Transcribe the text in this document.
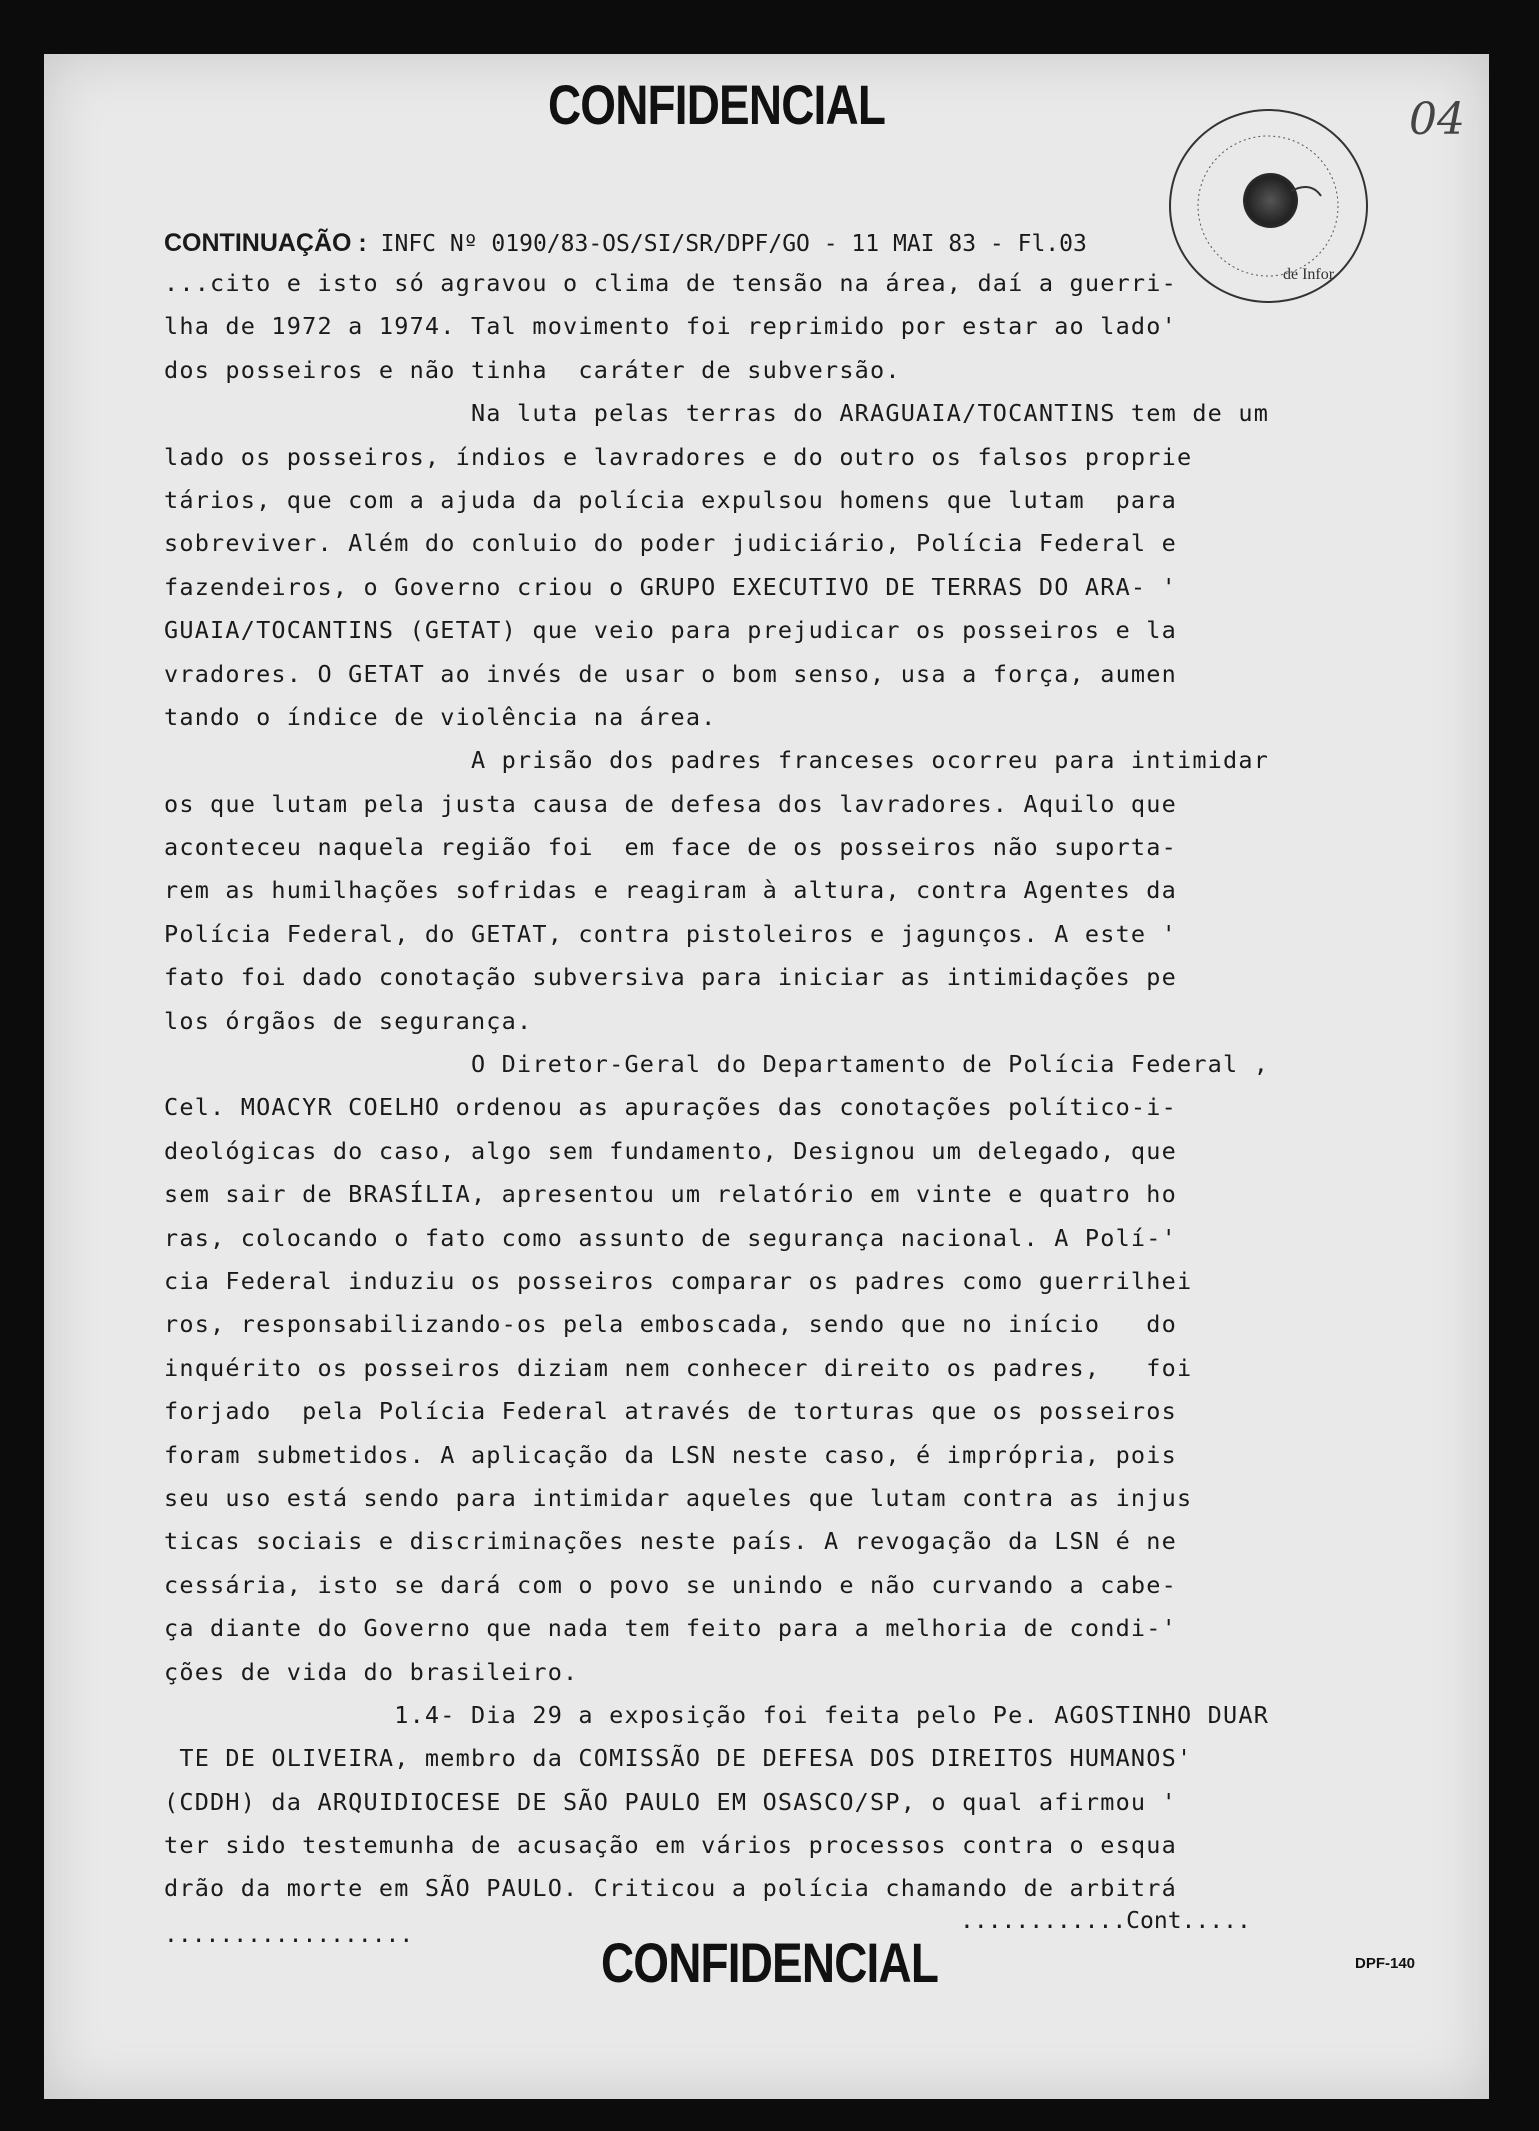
CONFIDENCIAL	04
de Infor
CONTINUAÇÃO : INFC Nº 0190/83-OS/SI/SR/DPF/GO - 11 MAI 83 - Fl.03
...cito e isto só agravou o clima de tensão na área, daí a guerri-
lha de 1972 a 1974. Tal movimento foi reprimido por estar ao lado'
dos posseiros e não tinha  caráter de subversão.
Na luta pelas terras do ARAGUAIA/TOCANTINS tem de um
lado os posseiros, índios e lavradores e do outro os falsos proprie
tários, que com a ajuda da polícia expulsou homens que lutam  para
sobreviver. Além do conluio do poder judiciário, Polícia Federal e
fazendeiros, o Governo criou o GRUPO EXECUTIVO DE TERRAS DO ARA- '
GUAIA/TOCANTINS (GETAT) que veio para prejudicar os posseiros e la
vradores. O GETAT ao invés de usar o bom senso, usa a força, aumen
tando o índice de violência na área.
A prisão dos padres franceses ocorreu para intimidar
os que lutam pela justa causa de defesa dos lavradores. Aquilo que
aconteceu naquela região foi  em face de os posseiros não suporta-
rem as humilhações sofridas e reagiram à altura, contra Agentes da
Polícia Federal, do GETAT, contra pistoleiros e jagunços. A este '
fato foi dado conotação subversiva para iniciar as intimidações pe
los órgãos de segurança.
O Diretor-Geral do Departamento de Polícia Federal ,
Cel. MOACYR COELHO ordenou as apurações das conotações político-i-
deológicas do caso, algo sem fundamento, Designou um delegado, que
sem sair de BRASÍLIA, apresentou um relatório em vinte e quatro ho
ras, colocando o fato como assunto de segurança nacional. A Polí-'
cia Federal induziu os posseiros comparar os padres como guerrilhei
ros, responsabilizando-os pela emboscada, sendo que no início   do
inquérito os posseiros diziam nem conhecer direito os padres,   foi
forjado  pela Polícia Federal através de torturas que os posseiros
foram submetidos. A aplicação da LSN neste caso, é imprópria, pois
seu uso está sendo para intimidar aqueles que lutam contra as injus
ticas sociais e discriminações neste país. A revogação da LSN é ne
cessária, isto se dará com o povo se unindo e não curvando a cabe-
ça diante do Governo que nada tem feito para a melhoria de condi-'
ções de vida do brasileiro.
1.4- Dia 29 a exposição foi feita pelo Pe. AGOSTINHO DUAR
TE DE OLIVEIRA, membro da COMISSÃO DE DEFESA DOS DIREITOS HUMANOS'
(CDDH) da ARQUIDIOCESE DE SÃO PAULO EM OSASCO/SP, o qual afirmou '
ter sido testemunha de acusação em vários processos contra o esqua
drão da morte em SÃO PAULO. Criticou a polícia chamando de arbitrá
..................	CONFIDENCIAL
............Cont.....
DPF-140
